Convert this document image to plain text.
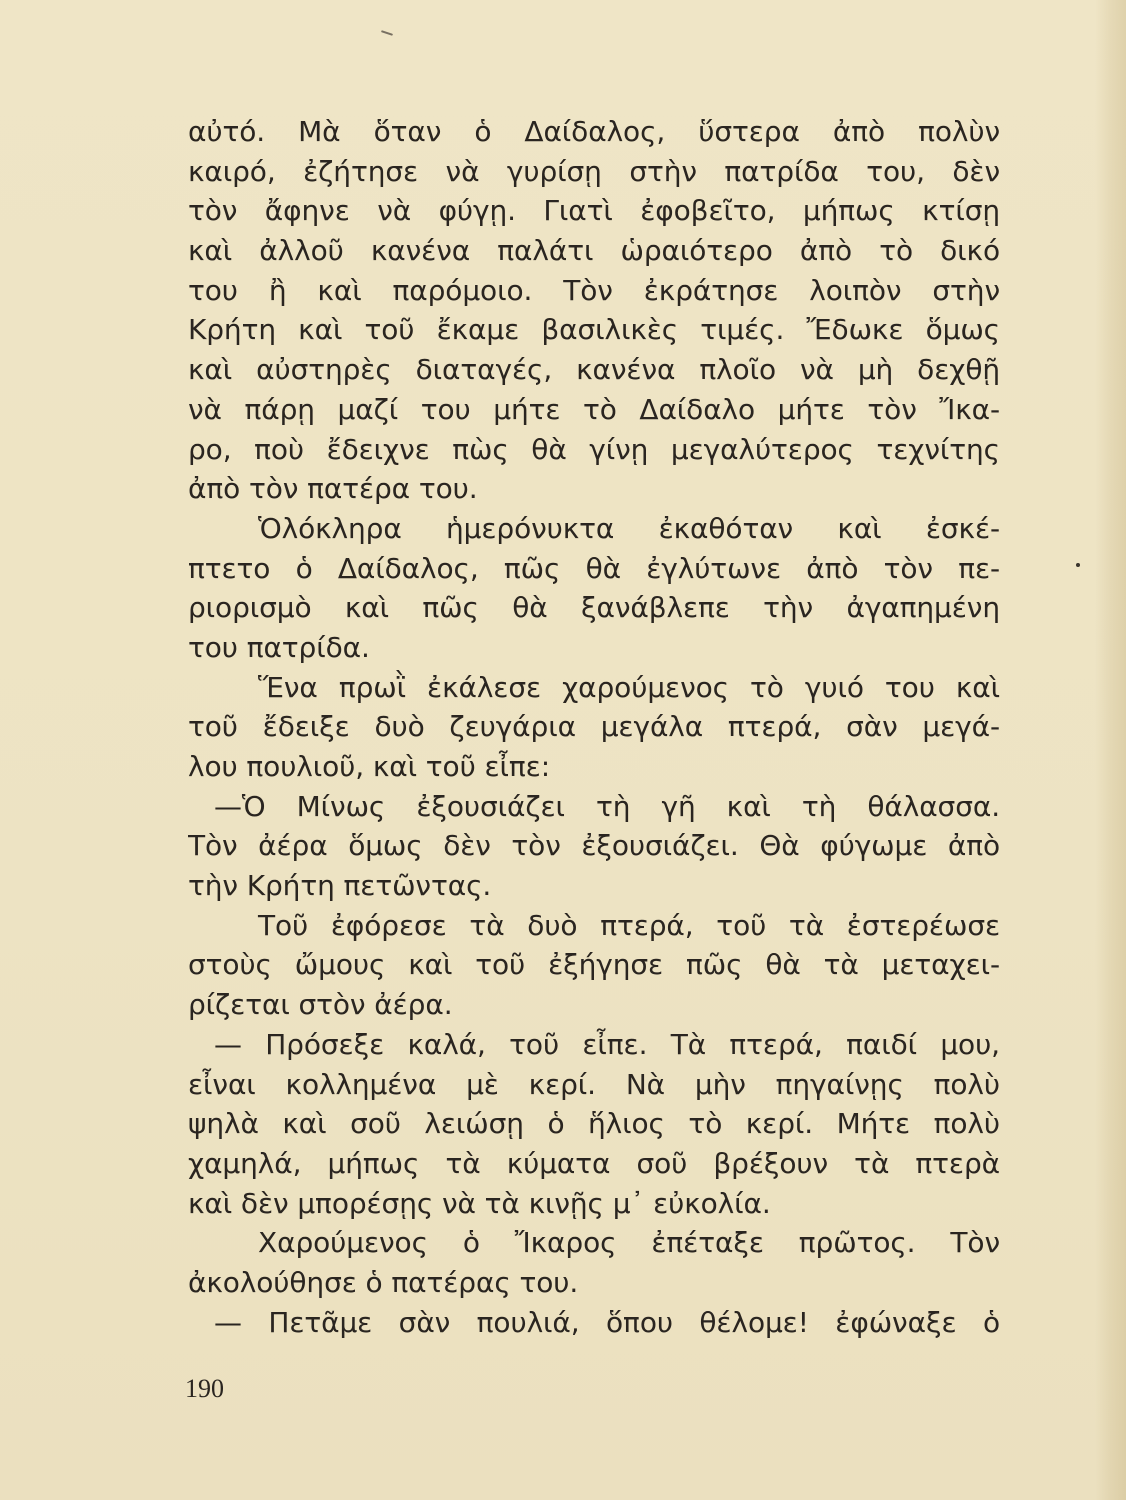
αὐτό. Μὰ ὅταν ὁ Δαίδαλος, ὕστερα ἀπὸ πολὺν
καιρό, ἐζήτησε νὰ γυρίσῃ στὴν πατρίδα του, δὲν
τὸν ἄφηνε νὰ φύγῃ. Γιατὶ ἐφοβεῖτο, μήπως κτίσῃ
καὶ ἀλλοῦ κανένα παλάτι ὡραιότερο ἀπὸ τὸ δικό
του ἢ καὶ παρόμοιο. Τὸν ἐκράτησε λοιπὸν στὴν
Κρήτη καὶ τοῦ ἔκαμε βασιλικὲς τιμές. Ἔδωκε ὅμως
καὶ αὐστηρὲς διαταγές, κανένα πλοῖο νὰ μὴ δεχθῇ
νὰ πάρῃ μαζί του μήτε τὸ Δαίδαλο μήτε τὸν Ἴκα-
ρο, ποὺ ἔδειχνε πὼς θὰ γίνῃ μεγαλύτερος τεχνίτης
ἀπὸ τὸν πατέρα του.
Ὁλόκληρα ἡμερόνυκτα ἐκαθόταν καὶ ἐσκέ-
πτετο ὁ Δαίδαλος, πῶς θὰ ἐγλύτωνε ἀπὸ τὸν πε-
ριορισμὸ καὶ πῶς θὰ ξανάβλεπε τὴν ἀγαπημένη
του πατρίδα.
Ἕνα πρωῒ ἐκάλεσε χαρούμενος τὸ γυιό του καὶ
τοῦ ἔδειξε δυὸ ζευγάρια μεγάλα πτερά, σὰν μεγά-
λου πουλιοῦ, καὶ τοῦ εἶπε:
—Ὁ Μίνως ἐξουσιάζει τὴ γῆ καὶ τὴ θάλασσα.
Τὸν ἀέρα ὅμως δὲν τὸν ἐξουσιάζει. Θὰ φύγωμε ἀπὸ
τὴν Κρήτη πετῶντας.
Τοῦ ἐφόρεσε τὰ δυὸ πτερά, τοῦ τὰ ἐστερέωσε
στοὺς ὤμους καὶ τοῦ ἐξήγησε πῶς θὰ τὰ μεταχει-
ρίζεται στὸν ἀέρα.
— Πρόσεξε καλά, τοῦ εἶπε. Τὰ πτερά, παιδί μου,
εἶναι κολλημένα μὲ κερί. Νὰ μὴν πηγαίνῃς πολὺ
ψηλὰ καὶ σοῦ λειώσῃ ὁ ἥλιος τὸ κερί. Μήτε πολὺ
χαμηλά, μήπως τὰ κύματα σοῦ βρέξουν τὰ πτερὰ
καὶ δὲν μπορέσῃς νὰ τὰ κινῇς μ᾿ εὐκολία.
Χαρούμενος ὁ Ἴκαρος ἐπέταξε πρῶτος. Τὸν
ἀκολούθησε ὁ πατέρας του.
— Πετᾶμε σὰν πουλιά, ὅπου θέλομε! ἐφώναξε ὁ
190
